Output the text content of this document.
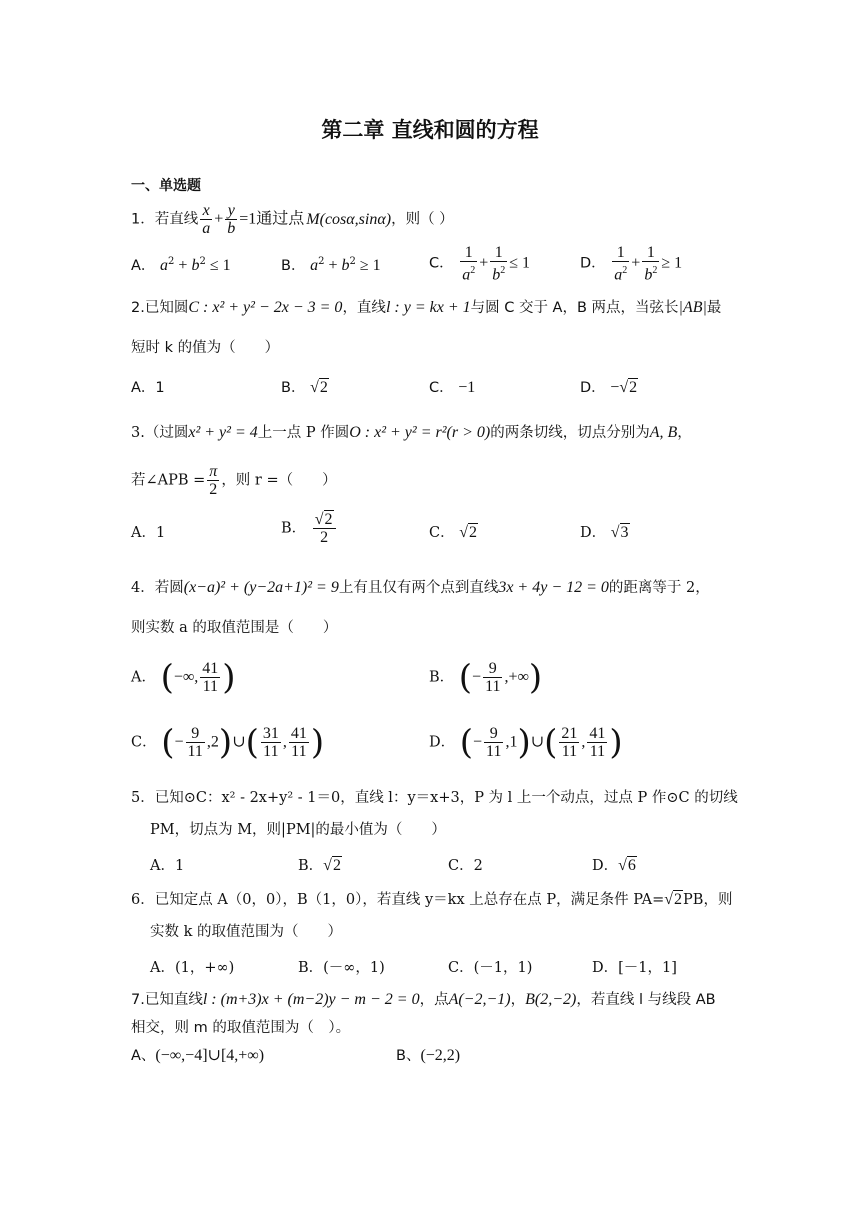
第二章 直线和圆的方程
一、单选题
1．若直线 $\frac{x}{a} + \frac{y}{b} =1$通过点 M(cosα,sinα)，则（ ）
A． $a^2 + b^2 \le 1$	B． $a^2 + b^2 \ge 1$	C． $\frac{1}{a^2} + \frac{1}{b^2} \le 1$	D． $\frac{1}{a^2} + \frac{1}{b^2} \ge 1$
2.已知圆C : x² + y² − 2x − 3 = 0，直线l : y = kx + 1与圆 C 交于 A，B 两点，当弦长|AB|最
短时 k 的值为（　　）
A．1	B． √2	C． −1	D． −√2
3.（过圆x² + y² = 4上一点 P 作圆O : x² + y² = r²(r > 0)的两条切线，切点分别为A, B，
若∠APB = $\frac{\pi}{2}$ ，则 r =（　　）
A．1	B． $\frac{√2}{2}$	C． √2	D． √3
4．若圆(x−a)² + (y−2a+1)² = 9上有且仅有两个点到直线3x + 4y − 12 = 0的距离等于 2，
则实数 a 的取值范围是（　　）
A． (−∞, $\frac{41}{11}$ )	B． (− $\frac{9}{11}$ ,+∞)
C． (− $\frac{9}{11}$ ,2)∪( $\frac{31}{11}$ , $\frac{41}{11}$ )	D． (− $\frac{9}{11}$ ,1)∪( $\frac{21}{11}$ , $\frac{41}{11}$ )
5．已知⊙C：x² - 2x+y² - 1＝0，直线 l：y＝x+3，P 为 l 上一个动点，过点 P 作⊙C 的切线
PM，切点为 M，则|PM|的最小值为（　　）
A．1	B．√2	C．2	D．√6
6．已知定点 A（0，0），B（1，0），若直线 y＝kx 上总存在点 P，满足条件 PA=√2PB，则
实数 k 的取值范围为（　　）
A．(1，+∞)	B．(－∞，1)	C．(－1，1)	D．[－1，1]
7.已知直线l : (m+3)x + (m−2)y − m − 2 = 0，点A(−2,−1)，B(2,−2)，若直线 l 与线段 AB
相交，则 m 的取值范围为（　）。
A、(−∞,−4]∪[4,+∞)	B、(−2,2)
